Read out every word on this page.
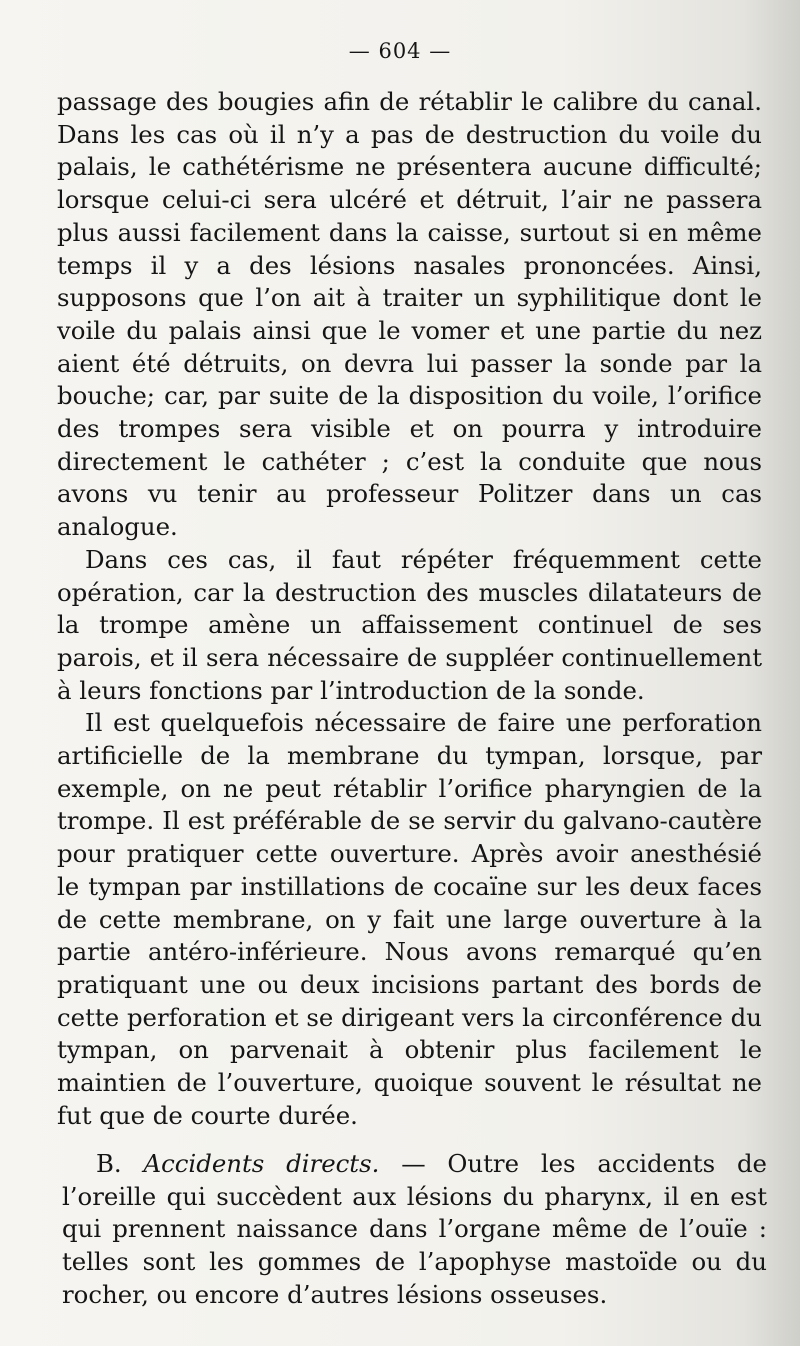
— 604 —

passage des bougies afin de rétablir le calibre du canal. Dans les cas où il n’y a pas de destruction du voile du palais, le cathétérisme ne présentera aucune difficulté; lorsque celui-ci sera ulcéré et détruit, l’air ne passera plus aussi facilement dans la caisse, surtout si en même temps il y a des lésions nasales prononcées. Ainsi, supposons que l’on ait à traiter un syphilitique dont le voile du palais ainsi que le vomer et une partie du nez aient été détruits, on devra lui passer la sonde par la bouche; car, par suite de la disposition du voile, l’orifice des trompes sera visible et on pourra y introduire directement le cathéter ; c’est la conduite que nous avons vu tenir au professeur Politzer dans un cas analogue.

Dans ces cas, il faut répéter fréquemment cette opération, car la destruction des muscles dilatateurs de la trompe amène un affaissement continuel de ses parois, et il sera nécessaire de suppléer continuellement à leurs fonctions par l’introduction de la sonde.

Il est quelquefois nécessaire de faire une perforation artificielle de la membrane du tympan, lorsque, par exemple, on ne peut rétablir l’orifice pharyngien de la trompe. Il est préférable de se servir du galvano-cautère pour pratiquer cette ouverture. Après avoir anesthésié le tympan par instillations de cocaïne sur les deux faces de cette membrane, on y fait une large ouverture à la partie antéro-inférieure. Nous avons remarqué qu’en pratiquant une ou deux incisions partant des bords de cette perforation et se dirigeant vers la circonférence du tympan, on parvenait à obtenir plus facilement le maintien de l’ouverture, quoique souvent le résultat ne fut que de courte durée.

B. Accidents directs. — Outre les accidents de l’oreille qui succèdent aux lésions du pharynx, il en est qui prennent naissance dans l’organe même de l’ouïe : telles sont les gommes de l’apophyse mastoïde ou du rocher, ou encore d’autres lésions osseuses.
